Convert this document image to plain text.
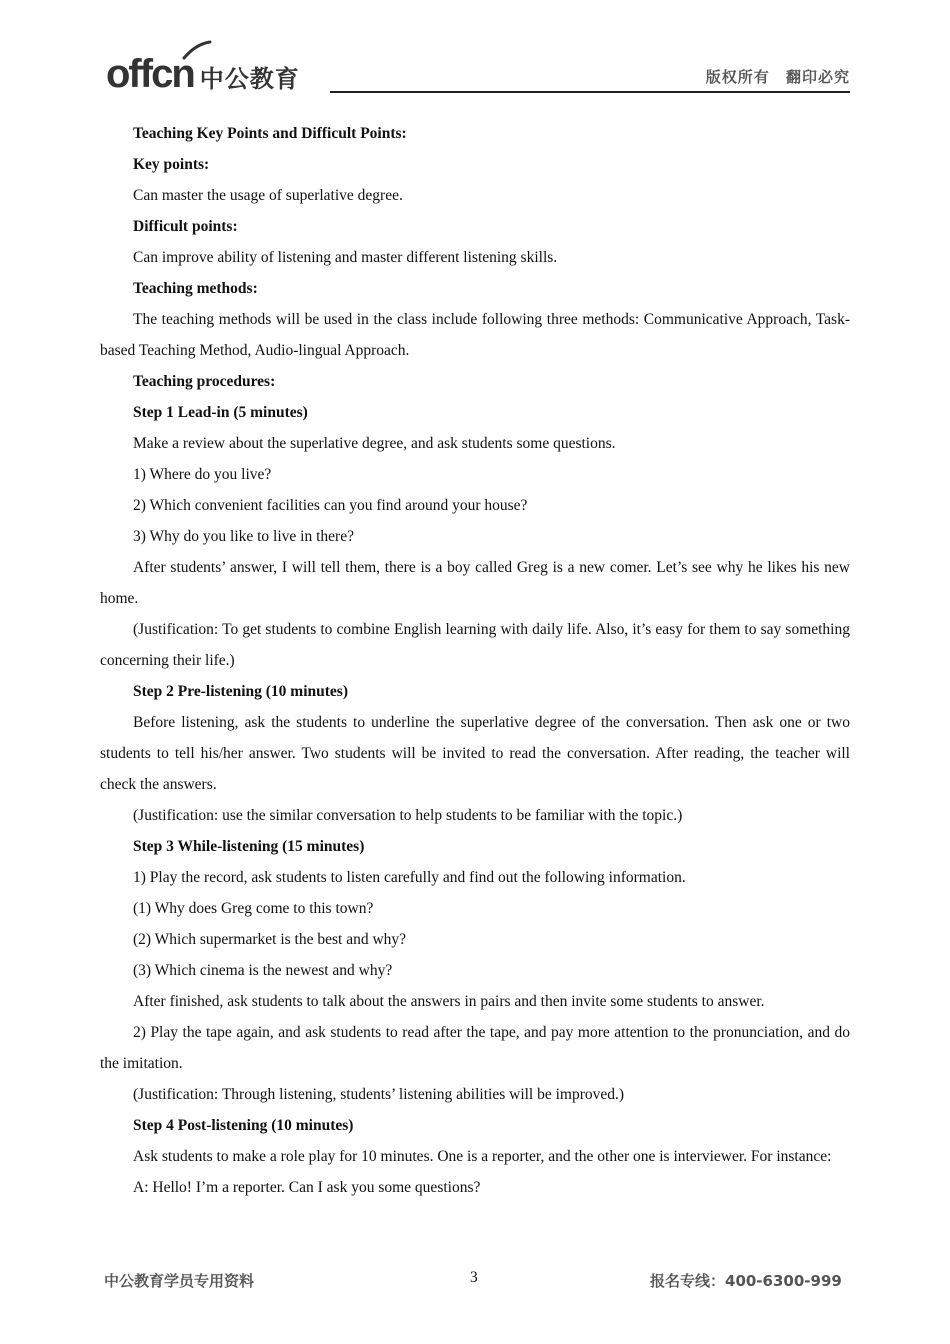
offcn 中公教育	版权所有 翻印必究

Teaching Key Points and Difficult Points:

Key points:

Can master the usage of superlative degree.

Difficult points:

Can improve ability of listening and master different listening skills.

Teaching methods:

The teaching methods will be used in the class include following three methods: Communicative Approach, Task-based Teaching Method, Audio-lingual Approach.

Teaching procedures:

Step 1 Lead-in (5 minutes)

Make a review about the superlative degree, and ask students some questions.

1) Where do you live?

2) Which convenient facilities can you find around your house?

3) Why do you like to live in there?

After students’ answer, I will tell them, there is a boy called Greg is a new comer. Let’s see why he likes his new home.

(Justification: To get students to combine English learning with daily life. Also, it’s easy for them to say something concerning their life.)

Step 2 Pre-listening (10 minutes)

Before listening, ask the students to underline the superlative degree of the conversation. Then ask one or two students to tell his/her answer. Two students will be invited to read the conversation. After reading, the teacher will check the answers.

(Justification: use the similar conversation to help students to be familiar with the topic.)

Step 3 While-listening (15 minutes)

1) Play the record, ask students to listen carefully and find out the following information.

(1) Why does Greg come to this town?

(2) Which supermarket is the best and why?

(3) Which cinema is the newest and why?

After finished, ask students to talk about the answers in pairs and then invite some students to answer.

2) Play the tape again, and ask students to read after the tape, and pay more attention to the pronunciation, and do the imitation.

(Justification: Through listening, students’ listening abilities will be improved.)

Step 4 Post-listening (10 minutes)

Ask students to make a role play for 10 minutes. One is a reporter, and the other one is interviewer. For instance:

A: Hello! I’m a reporter. Can I ask you some questions?

中公教育学员专用资料	3	报名专线：400-6300-999
